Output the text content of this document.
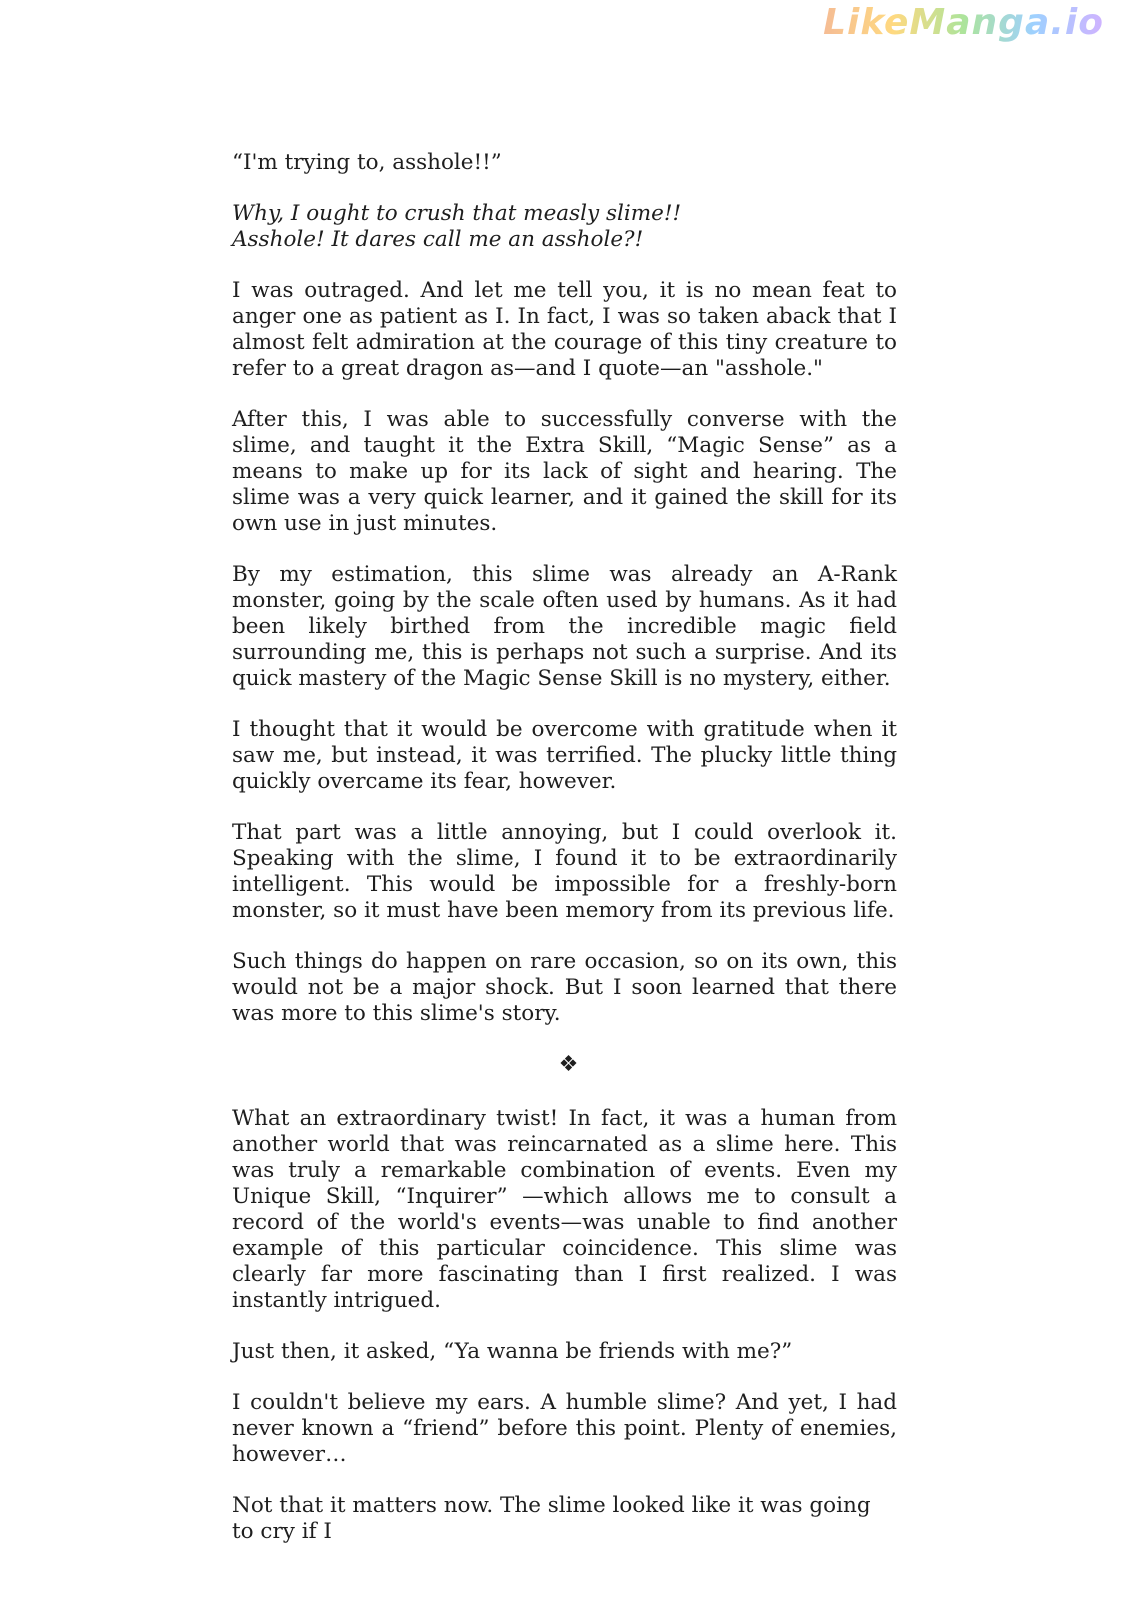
LikeManga.io

“I'm trying to, asshole!!”

Why, I ought to crush that measly slime!!
Asshole! It dares call me an asshole?!

I was outraged. And let me tell you, it is no mean feat to anger one as patient as I. In fact, I was so taken aback that I almost felt admiration at the courage of this tiny creature to refer to a great dragon as—and I quote—an "asshole."

After this, I was able to successfully converse with the slime, and taught it the Extra Skill, “Magic Sense” as a means to make up for its lack of sight and hearing. The slime was a very quick learner, and it gained the skill for its own use in just minutes.

By my estimation, this slime was already an A-Rank monster, going by the scale often used by humans. As it had been likely birthed from the incredible magic field surrounding me, this is perhaps not such a surprise. And its quick mastery of the Magic Sense Skill is no mystery, either.

I thought that it would be overcome with gratitude when it saw me, but instead, it was terrified. The plucky little thing quickly overcame its fear, however.

That part was a little annoying, but I could overlook it. Speaking with the slime, I found it to be extraordinarily intelligent. This would be impossible for a freshly-born monster, so it must have been memory from its previous life.

Such things do happen on rare occasion, so on its own, this would not be a major shock. But I soon learned that there was more to this slime's story.

❖

What an extraordinary twist! In fact, it was a human from another world that was reincarnated as a slime here. This was truly a remarkable combination of events. Even my Unique Skill, “Inquirer” —which allows me to consult a record of the world's events—was unable to find another example of this particular coincidence. This slime was clearly far more fascinating than I first realized. I was instantly intrigued.

Just then, it asked, “Ya wanna be friends with me?”

I couldn't believe my ears. A humble slime? And yet, I had never known a “friend” before this point. Plenty of enemies, however…

Not that it matters now. The slime looked like it was going to cry if I
